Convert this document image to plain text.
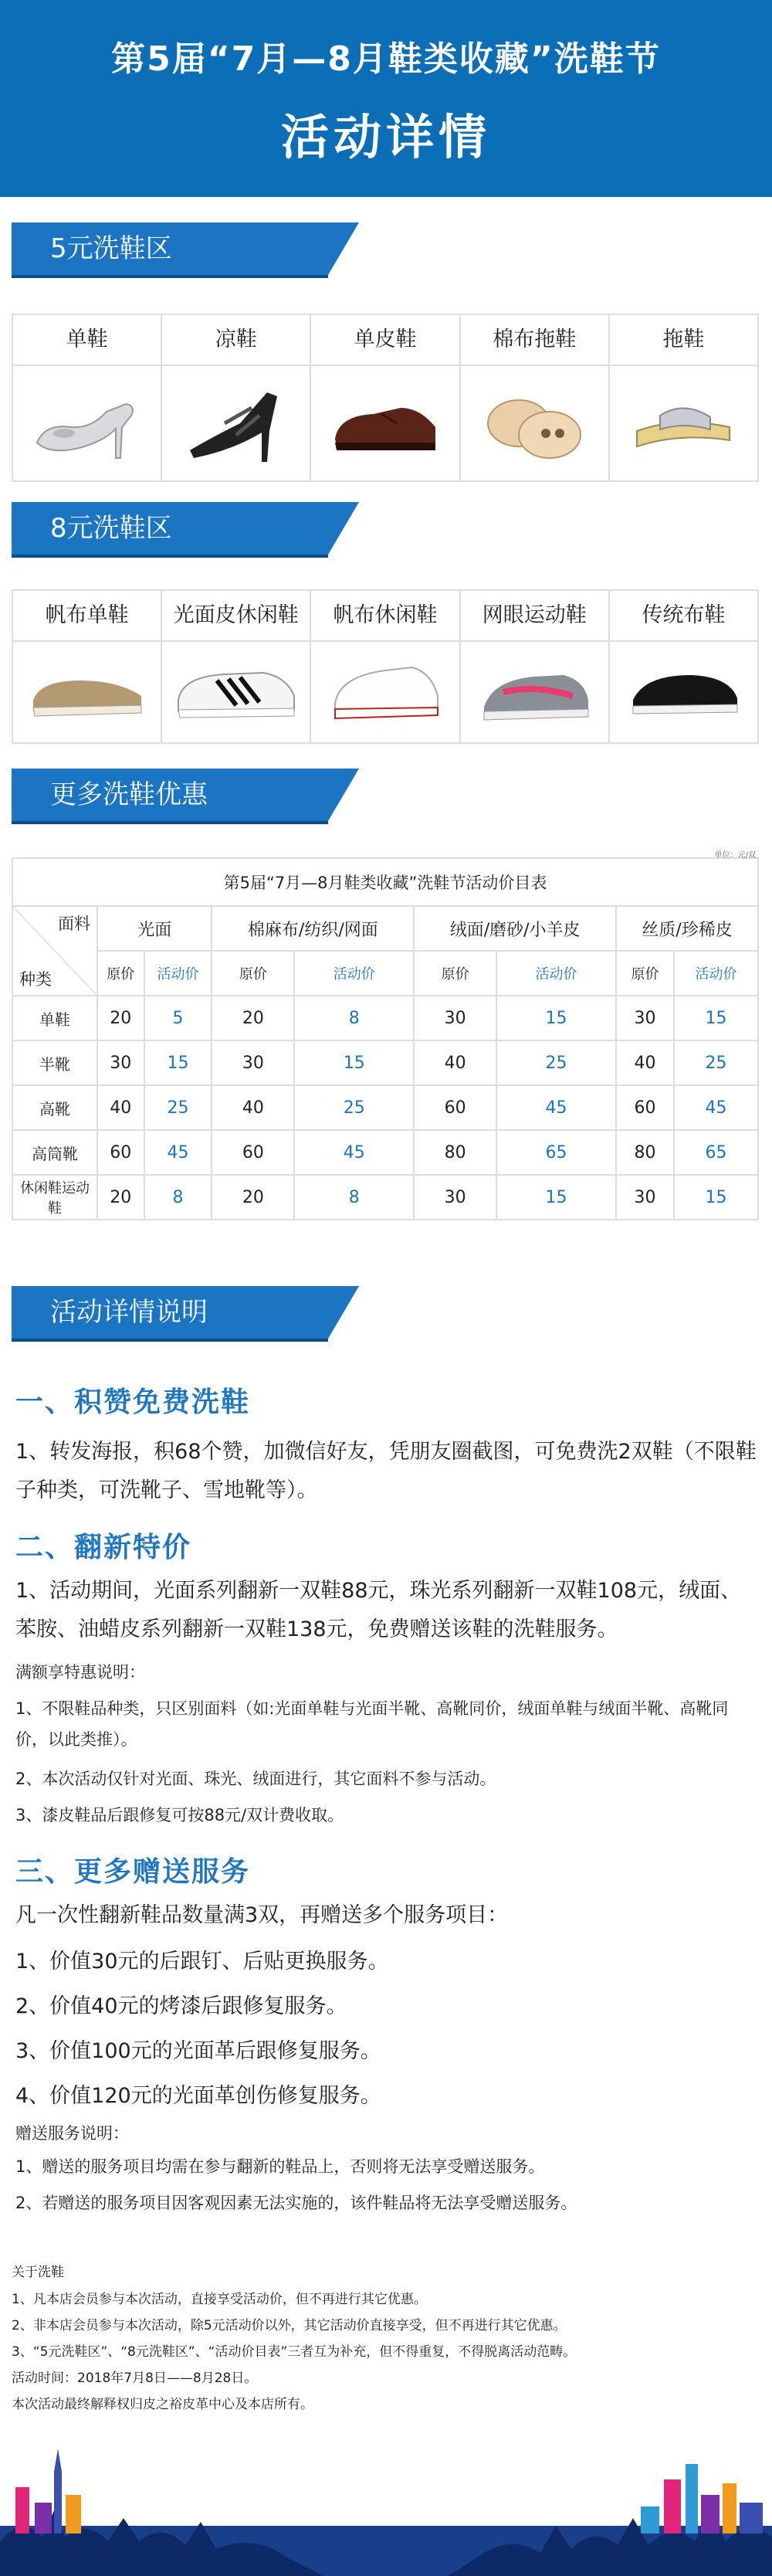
第5届“7月—8月鞋类收藏”洗鞋节
活动详情
5元洗鞋区
单鞋	凉鞋	单皮鞋	棉布拖鞋	拖鞋
8元洗鞋区
帆布单鞋	光面皮休闲鞋	帆布休闲鞋	网眼运动鞋	传统布鞋
更多洗鞋优惠
单位：元/双
第5届“7月—8月鞋类收藏”洗鞋节活动价目表								

面料
种类	光面		棉麻布/纺织/网面		绒面/磨砂/小羊皮		丝质/珍稀皮	
	原价	活动价	原价	活动价	原价	活动价	原价	活动价
单鞋	20	5	20	8	30	15	30	15
半靴	30	15	30	15	40	25	40	25
高靴	40	25	40	25	60	45	60	45
高筒靴	60	45	60	45	80	65	80	65
休闲鞋运动鞋	20	8	20	8	30	15	30	15
活动详情说明
一、积赞免费洗鞋
1、转发海报，积68个赞，加微信好友，凭朋友圈截图，可免费洗2双鞋（不限鞋子种类，可洗靴子、雪地靴等）。
二、翻新特价
1、活动期间，光面系列翻新一双鞋88元，珠光系列翻新一双鞋108元，绒面、苯胺、油蜡皮系列翻新一双鞋138元，免费赠送该鞋的洗鞋服务。
满额享特惠说明：
1、不限鞋品种类，只区别面料（如:光面单鞋与光面半靴、高靴同价，绒面单鞋与绒面半靴、高靴同价，以此类推）。
2、本次活动仅针对光面、珠光、绒面进行，其它面料不参与活动。
3、漆皮鞋品后跟修复可按88元/双计费收取。
三、更多赠送服务
凡一次性翻新鞋品数量满3双，再赠送多个服务项目：
1、价值30元的后跟钉、后贴更换服务。
2、价值40元的烤漆后跟修复服务。
3、价值100元的光面革后跟修复服务。
4、价值120元的光面革创伤修复服务。
赠送服务说明：
1、赠送的服务项目均需在参与翻新的鞋品上，否则将无法享受赠送服务。
2、若赠送的服务项目因客观因素无法实施的，该件鞋品将无法享受赠送服务。
关于洗鞋
1、凡本店会员参与本次活动，直接享受活动价，但不再进行其它优惠。
2、非本店会员参与本次活动，除5元活动价以外，其它活动价直接享受，但不再进行其它优惠。
3、“5元洗鞋区”、“8元洗鞋区”、“活动价目表”三者互为补充，但不得重复，不得脱离活动范畴。
活动时间：2018年7月8日——8月28日。
本次活动最终解释权归皮之裕皮革中心及本店所有。
